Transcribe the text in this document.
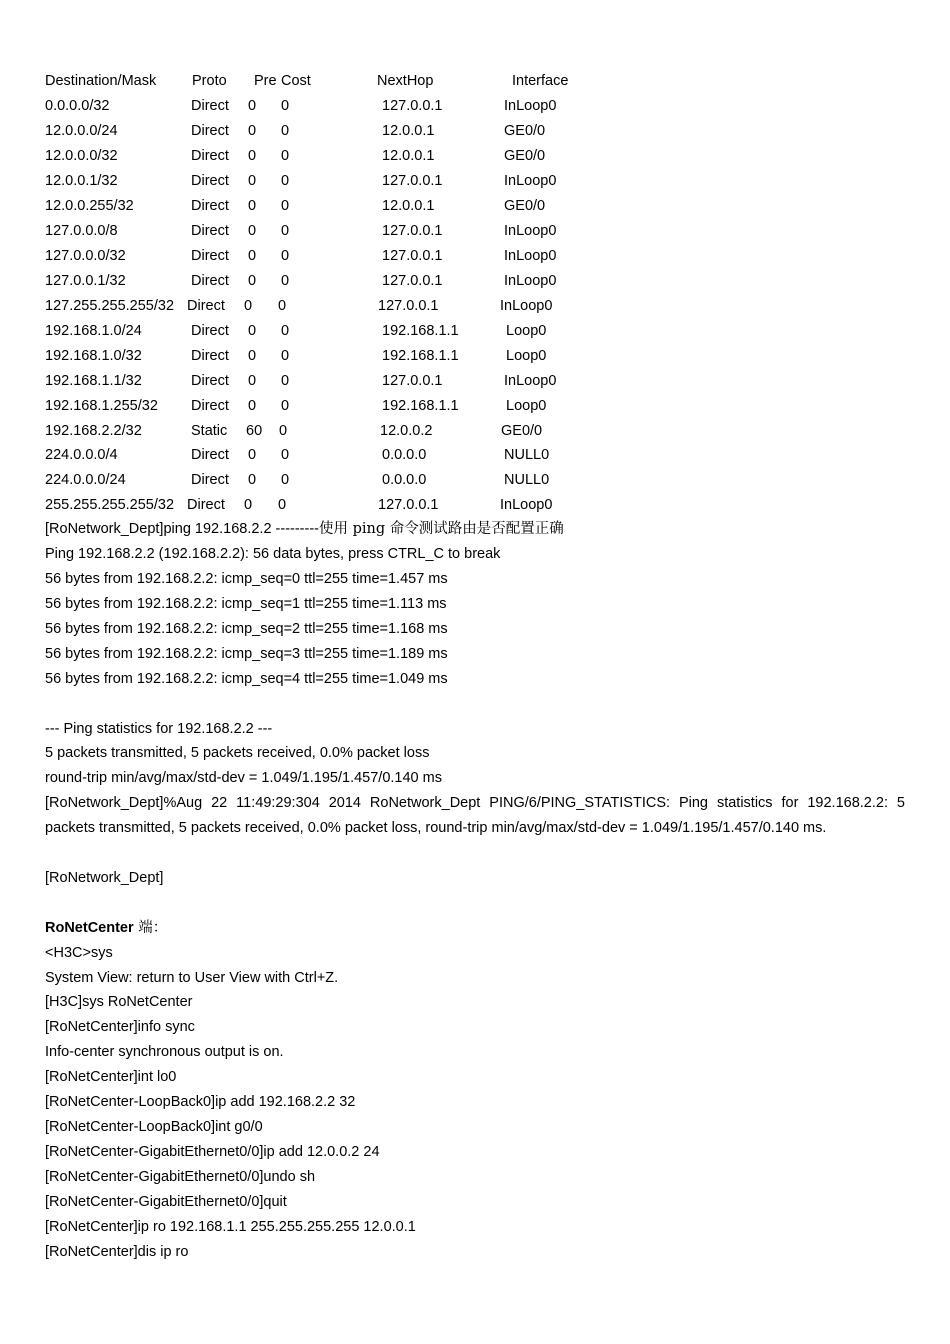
Destination/Mask Proto Pre Cost	NextHop	Interface
0.0.0.0/32	Direct 0 0	127.0.0.1	InLoop0
12.0.0.0/24	Direct 0 0	12.0.0.1	GE0/0
12.0.0.0/32	Direct 0 0	12.0.0.1	GE0/0
12.0.0.1/32	Direct 0 0	127.0.0.1	InLoop0
12.0.0.255/32	Direct 0 0	12.0.0.1	GE0/0
127.0.0.0/8	Direct 0 0	127.0.0.1	InLoop0
127.0.0.0/32	Direct 0 0	127.0.0.1	InLoop0
127.0.0.1/32	Direct 0 0	127.0.0.1	InLoop0
127.255.255.255/32 Direct 0 0	127.0.0.1	InLoop0
192.168.1.0/24	Direct 0 0	192.168.1.1	Loop0
192.168.1.0/32	Direct 0 0	192.168.1.1	Loop0
192.168.1.1/32	Direct 0 0	127.0.0.1	InLoop0
192.168.1.255/32 Direct 0 0	192.168.1.1	Loop0
192.168.2.2/32	Static 60 0	12.0.0.2	GE0/0
224.0.0.0/4	Direct 0 0	0.0.0.0	NULL0
224.0.0.0/24	Direct 0 0	0.0.0.0	NULL0
255.255.255.255/32 Direct 0 0	127.0.0.1	InLoop0
[RoNetwork_Dept]ping 192.168.2.2 ---------使用 ping 命令测试路由是否配置正确
Ping 192.168.2.2 (192.168.2.2): 56 data bytes, press CTRL_C to break
56 bytes from 192.168.2.2: icmp_seq=0 ttl=255 time=1.457 ms
56 bytes from 192.168.2.2: icmp_seq=1 ttl=255 time=1.113 ms
56 bytes from 192.168.2.2: icmp_seq=2 ttl=255 time=1.168 ms
56 bytes from 192.168.2.2: icmp_seq=3 ttl=255 time=1.189 ms
56 bytes from 192.168.2.2: icmp_seq=4 ttl=255 time=1.049 ms
--- Ping statistics for 192.168.2.2 ---
5 packets transmitted, 5 packets received, 0.0% packet loss
round-trip min/avg/max/std-dev = 1.049/1.195/1.457/0.140 ms
[RoNetwork_Dept]%Aug 22 11:49:29:304 2014 RoNetwork_Dept PING/6/PING_STATISTICS: Ping statistics for 192.168.2.2: 5 packets transmitted, 5 packets received, 0.0% packet loss, round-trip min/avg/max/std-dev = 1.049/1.195/1.457/0.140 ms.
[RoNetwork_Dept]
RoNetCenter 端：
<H3C>sys
System View: return to User View with Ctrl+Z.
[H3C]sys RoNetCenter
[RoNetCenter]info sync
Info-center synchronous output is on.
[RoNetCenter]int lo0
[RoNetCenter-LoopBack0]ip add 192.168.2.2 32
[RoNetCenter-LoopBack0]int g0/0
[RoNetCenter-GigabitEthernet0/0]ip add 12.0.0.2 24
[RoNetCenter-GigabitEthernet0/0]undo sh
[RoNetCenter-GigabitEthernet0/0]quit
[RoNetCenter]ip ro 192.168.1.1 255.255.255.255 12.0.0.1
[RoNetCenter]dis ip ro
